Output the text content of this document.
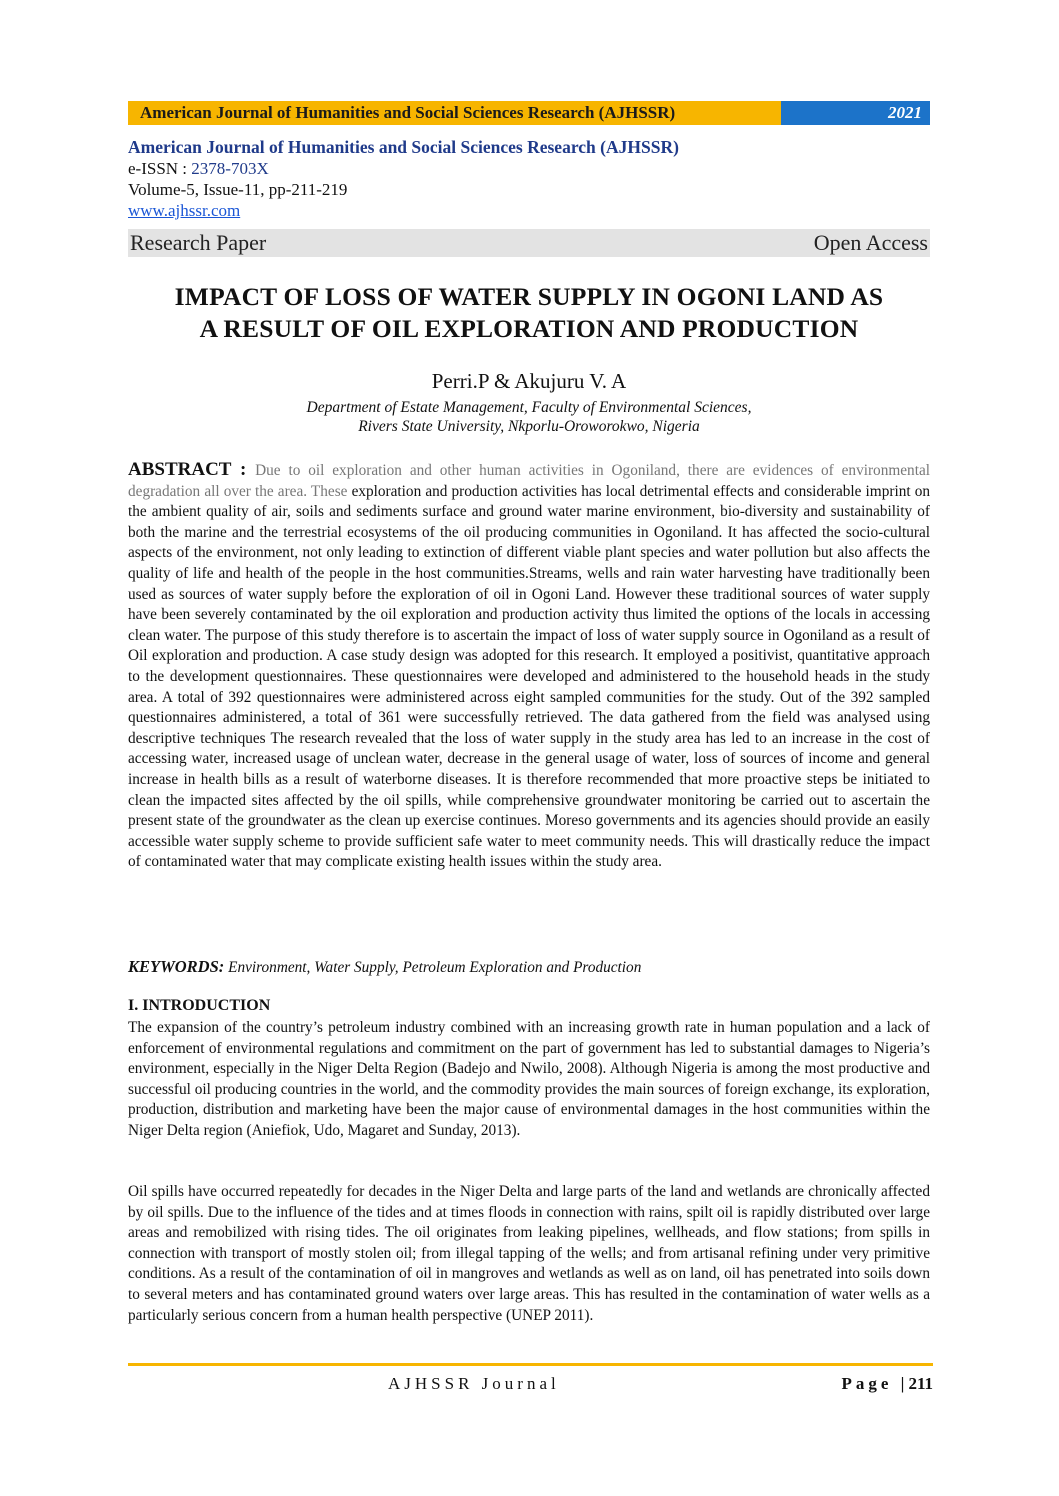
American Journal of Humanities and Social Sciences Research (AJHSSR)	2021
American Journal of Humanities and Social Sciences Research (AJHSSR)
e-ISSN : 2378-703X
Volume-5, Issue-11, pp-211-219
www.ajhssr.com
Research Paper	Open Access
IMPACT OF LOSS OF WATER SUPPLY IN OGONI LAND AS
A RESULT OF OIL EXPLORATION AND PRODUCTION
Perri.P & Akujuru V. A
Department of Estate Management, Faculty of Environmental Sciences,
Rivers State University, Nkporlu-Oroworokwo, Nigeria
ABSTRACT : Due to oil exploration and other human activities in Ogoniland, there are evidences of environmental degradation all over the area. These exploration and production activities has local detrimental effects and considerable imprint on the ambient quality of air, soils and sediments surface and ground water marine environment, bio-diversity and sustainability of both the marine and the terrestrial ecosystems of the oil producing communities in Ogoniland. It has affected the socio-cultural aspects of the environment, not only leading to extinction of different viable plant species and water pollution but also affects the quality of life and health of the people in the host communities.Streams, wells and rain water harvesting have traditionally been used as sources of water supply before the exploration of oil in Ogoni Land. However these traditional sources of water supply have been severely contaminated by the oil exploration and production activity thus limited the options of the locals in accessing clean water. The purpose of this study therefore is to ascertain the impact of loss of water supply source in Ogoniland as a result of Oil exploration and production. A case study design was adopted for this research. It employed a positivist, quantitative approach to the development questionnaires. These questionnaires were developed and administered to the household heads in the study area. A total of 392 questionnaires were administered across eight sampled communities for the study. Out of the 392 sampled questionnaires administered, a total of 361 were successfully retrieved. The data gathered from the field was analysed using descriptive techniques The research revealed that the loss of water supply in the study area has led to an increase in the cost of accessing water, increased usage of unclean water, decrease in the general usage of water, loss of sources of income and general increase in health bills as a result of waterborne diseases. It is therefore recommended that more proactive steps be initiated to clean the impacted sites affected by the oil spills, while comprehensive groundwater monitoring be carried out to ascertain the present state of the groundwater as the clean up exercise continues. Moreso governments and its agencies should provide an easily accessible water supply scheme to provide sufficient safe water to meet community needs. This will drastically reduce the impact of contaminated water that may complicate existing health issues within the study area.
KEYWORDS: Environment, Water Supply, Petroleum Exploration and Production
I. INTRODUCTION
The expansion of the country’s petroleum industry combined with an increasing growth rate in human population and a lack of enforcement of environmental regulations and commitment on the part of government has led to substantial damages to Nigeria’s environment, especially in the Niger Delta Region (Badejo and Nwilo, 2008). Although Nigeria is among the most productive and successful oil producing countries in the world, and the commodity provides the main sources of foreign exchange, its exploration, production, distribution and marketing have been the major cause of environmental damages in the host communities within the Niger Delta region (Aniefiok, Udo, Magaret and Sunday, 2013).
Oil spills have occurred repeatedly for decades in the Niger Delta and large parts of the land and wetlands are chronically affected by oil spills. Due to the influence of the tides and at times floods in connection with rains, spilt oil is rapidly distributed over large areas and remobilized with rising tides. The oil originates from leaking pipelines, wellheads, and flow stations; from spills in connection with transport of mostly stolen oil; from illegal tapping of the wells; and from artisanal refining under very primitive conditions. As a result of the contamination of oil in mangroves and wetlands as well as on land, oil has penetrated into soils down to several meters and has contaminated ground waters over large areas. This has resulted in the contamination of water wells as a particularly serious concern from a human health perspective (UNEP 2011).
AJHSSR Journal	Page |211
